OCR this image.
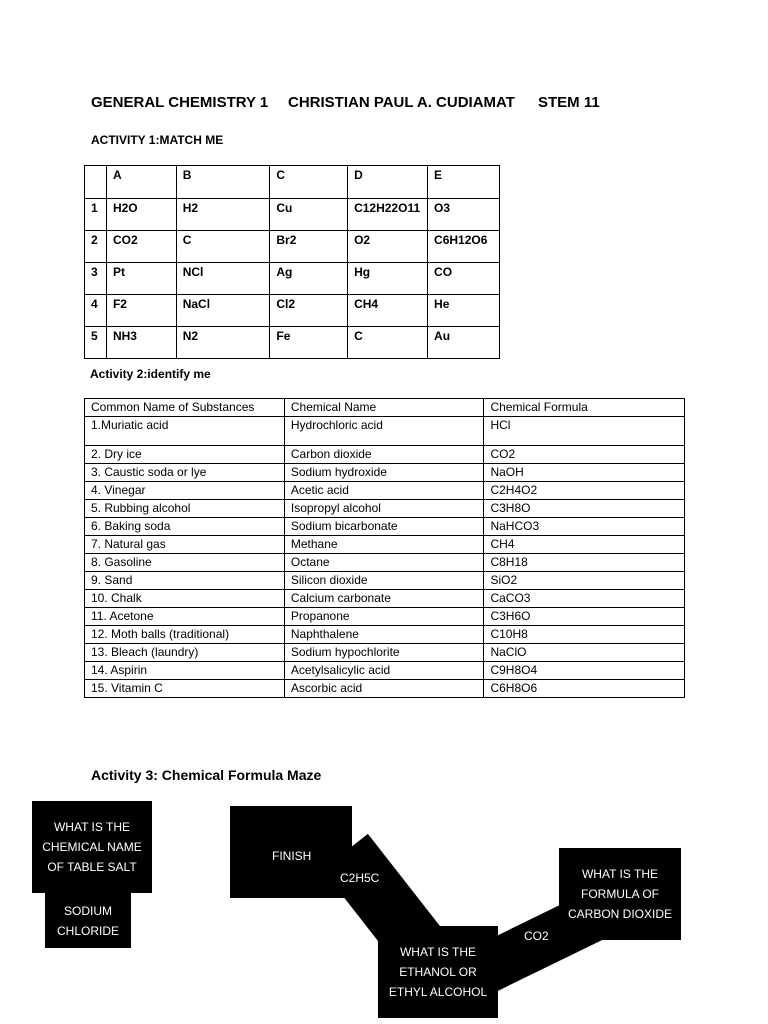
GENERAL CHEMISTRY 1 CHRISTIAN PAUL A. CUDIAMAT STEM 11
ACTIVITY 1:MATCH ME
	A	B	C	D	E
1	H2O	H2	Cu	C12H22O11	O3
2	CO2	C	Br2	O2	C6H12O6
3	Pt	NCl	Ag	Hg	CO
4	F2	NaCl	Cl2	CH4	He
5	NH3	N2	Fe	C	Au
Activity 2:identify me
Common Name of Substances	Chemical Name	Chemical Formula
1.Muriatic acid	Hydrochloric acid	HCl
2. Dry ice	Carbon dioxide	CO2
3. Caustic soda or lye	Sodium hydroxide	NaOH
4. Vinegar	Acetic acid	C2H4O2
5. Rubbing alcohol	Isopropyl alcohol	C3H8O
6. Baking soda	Sodium bicarbonate	NaHCO3
7. Natural gas	Methane	CH4
8. Gasoline	Octane	C8H18
9. Sand	Silicon dioxide	SiO2
10. Chalk	Calcium carbonate	CaCO3
11. Acetone	Propanone	C3H6O
12. Moth balls (traditional)	Naphthalene	C10H8
13. Bleach (laundry)	Sodium hypochlorite	NaClO
14. Aspirin	Acetylsalicylic acid	C9H8O4
15. Vitamin C	Ascorbic acid	C6H8O6
Activity 3: Chemical Formula Maze
WHAT IS THE CHEMICAL NAME OF TABLE SALT
SODIUM CHLORIDE
FINISH
C2H5C
WHAT IS THE ETHANOL OR ETHYL ALCOHOL
CO2
WHAT IS THE FORMULA OF CARBON DIOXIDE
